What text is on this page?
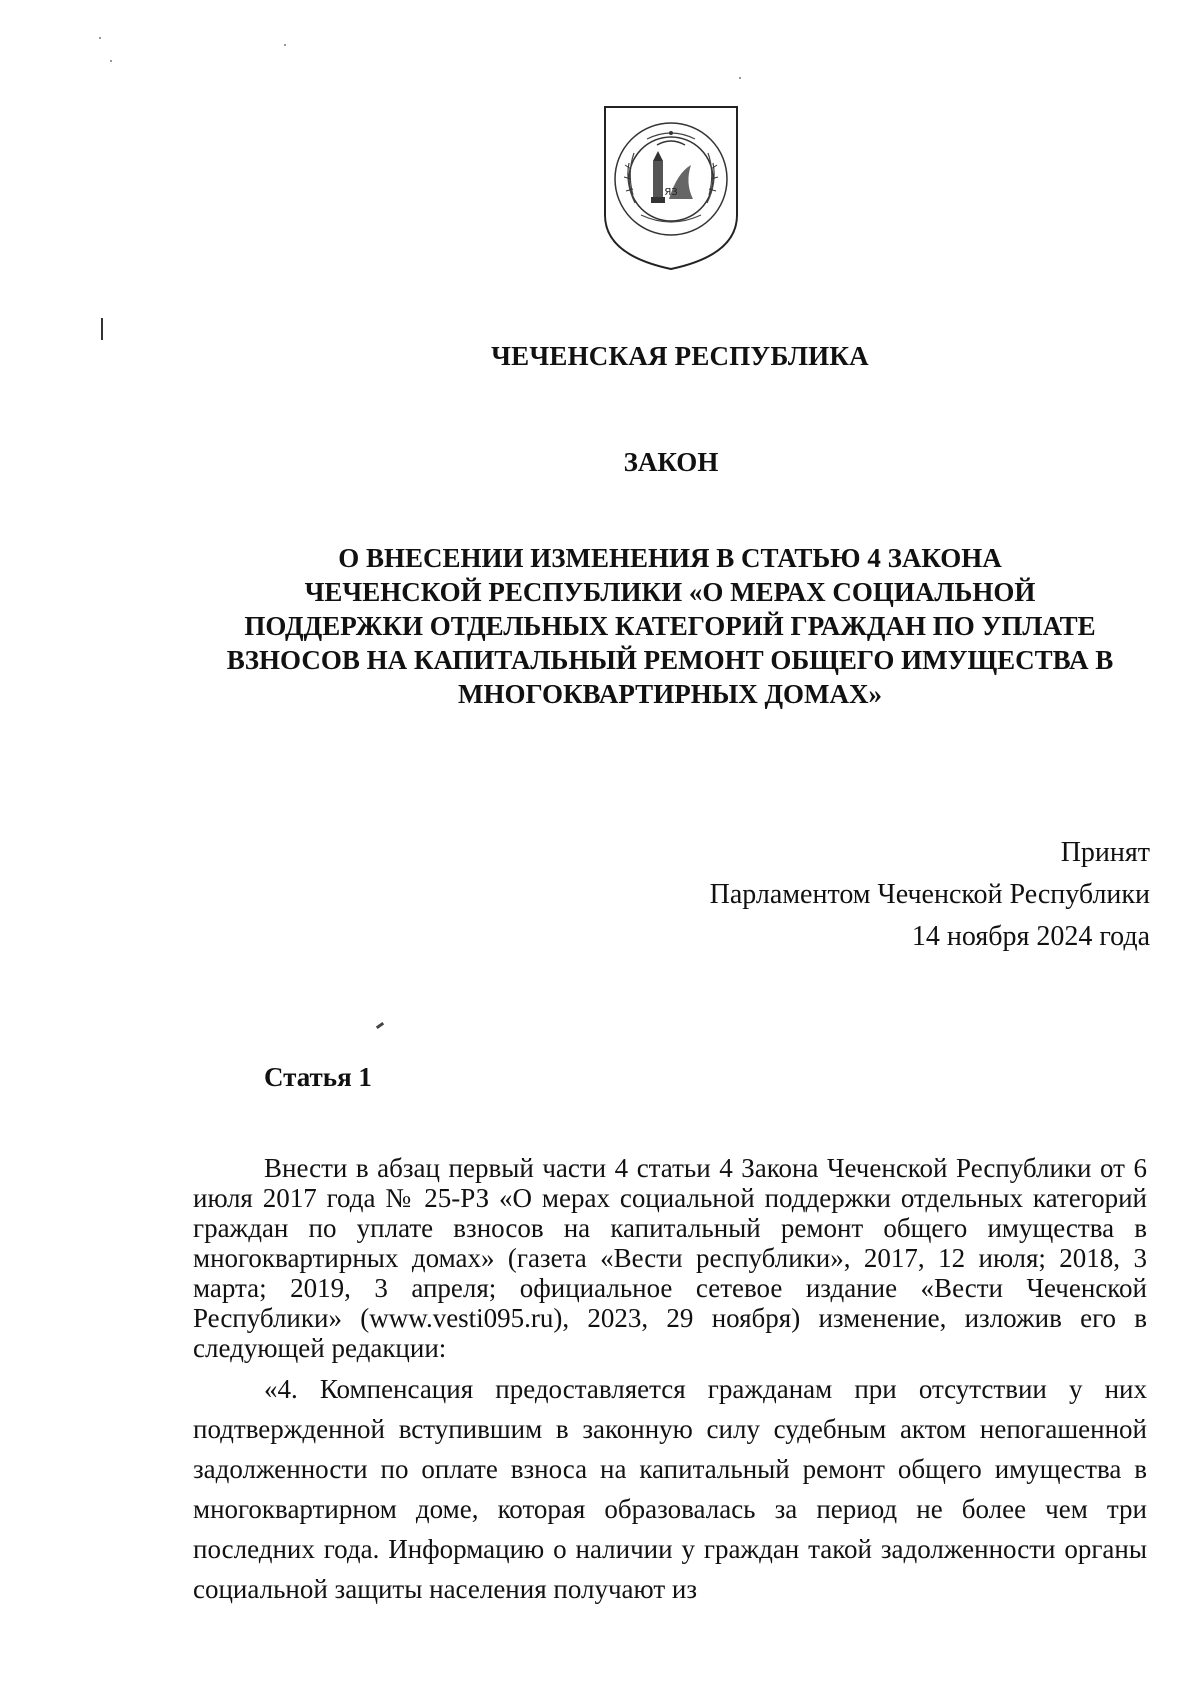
ЯЗ
ЧЕЧЕНСКАЯ РЕСПУБЛИКА
ЗАКОН
О ВНЕСЕНИИ ИЗМЕНЕНИЯ В СТАТЬЮ 4 ЗАКОНА
ЧЕЧЕНСКОЙ РЕСПУБЛИКИ «О МЕРАХ СОЦИАЛЬНОЙ
ПОДДЕРЖКИ ОТДЕЛЬНЫХ КАТЕГОРИЙ ГРАЖДАН ПО УПЛАТЕ
ВЗНОСОВ НА КАПИТАЛЬНЫЙ РЕМОНТ ОБЩЕГО ИМУЩЕСТВА В
МНОГОКВАРТИРНЫХ ДОМАХ»
Принят
Парламентом Чеченской Республики
14 ноября 2024 года
Статья 1

Внести в абзац первый части 4 статьи 4 Закона Чеченской Республики от 6 июля 2017 года № 25-РЗ «О мерах социальной поддержки отдельных категорий граждан по уплате взносов на капитальный ремонт общего имущества в многоквартирных домах» (газета «Вести республики», 2017, 12 июля; 2018, 3 марта; 2019, 3 апреля; официальное сетевое издание «Вести Чеченской Республики» (www.vesti095.ru), 2023, 29 ноября) изменение, изложив его в следующей редакции:

«4. Компенсация предоставляется гражданам при отсутствии у них подтвержденной вступившим в законную силу судебным актом непогашенной задолженности по оплате взноса на капитальный ремонт общего имущества в многоквартирном доме, которая образовалась за период не более чем три последних года. Информацию о наличии у граждан такой задолженности органы социальной защиты населения получают из
